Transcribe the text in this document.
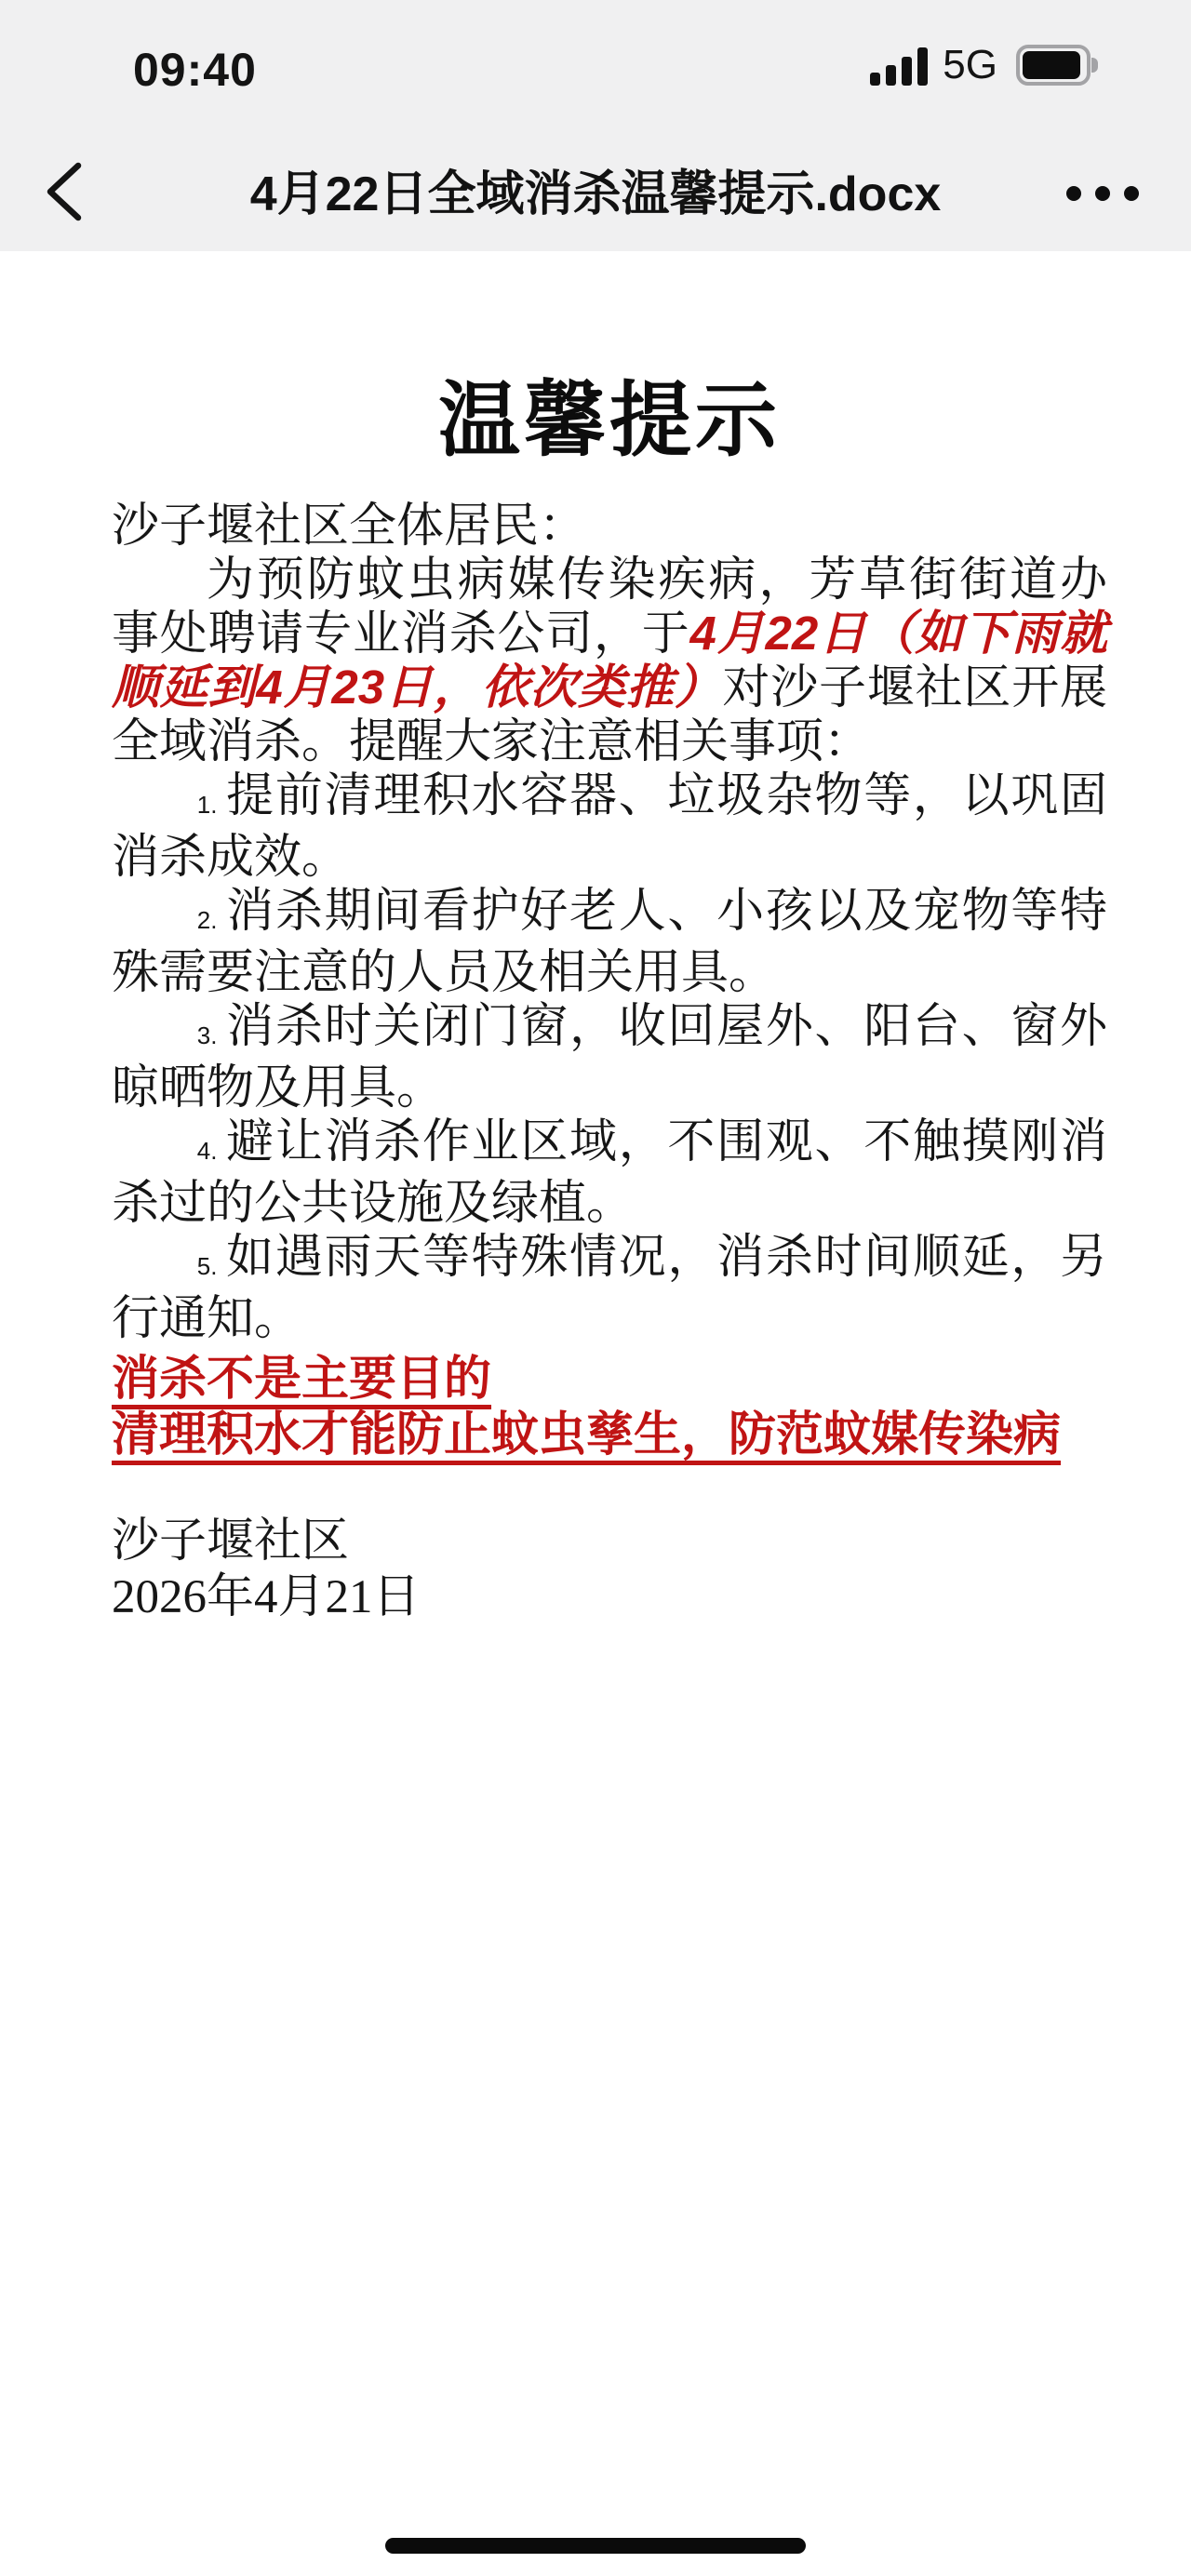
09:40	5G
4月22日全域消杀温馨提示.docx
温馨提示

沙子堰社区全体居民：

为预防蚊虫病媒传染疾病，芳草街街道办事处聘请专业消杀公司，于4月22日（如下雨就顺延到4月23日，依次类推）对沙子堰社区开展全域消杀。提醒大家注意相关事项：

1. 提前清理积水容器、垃圾杂物等，以巩固消杀成效。

2. 消杀期间看护好老人、小孩以及宠物等特殊需要注意的人员及相关用具。

3. 消杀时关闭门窗，收回屋外、阳台、窗外晾晒物及用具。

4. 避让消杀作业区域，不围观、不触摸刚消杀过的公共设施及绿植。

5. 如遇雨天等特殊情况，消杀时间顺延，另行通知。

消杀不是主要目的

清理积水才能防止蚊虫孳生，防范蚊媒传染病

沙子堰社区

2026年4月21日
